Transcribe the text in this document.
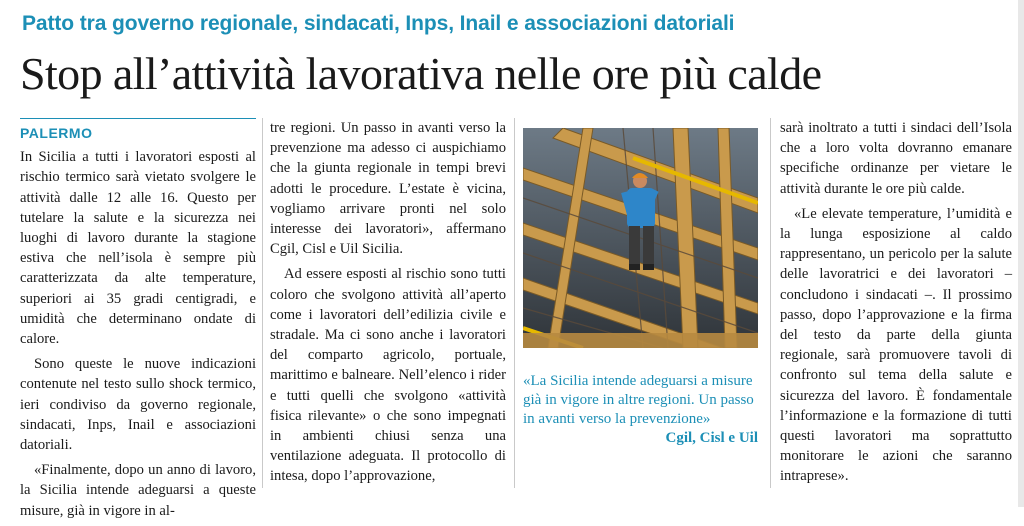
Patto tra governo regionale, sindacati, Inps, Inail e associazioni datoriali
Stop all’attività lavorativa nelle ore più calde
PALERMO

In Sicilia a tutti i lavoratori esposti al rischio termico sarà vietato svolgere le attività dalle 12 alle 16. Questo per tutelare la salute e la sicurezza nei luoghi di lavoro durante la stagione estiva che nell’isola è sempre più caratterizzata da alte temperature, superiori ai 35 gradi centigradi, e umidità che determinano ondate di calore.

Sono queste le nuove indicazioni contenute nel testo sullo shock termico, ieri condiviso da governo regionale, sindacati, Inps, Inail e associazioni datoriali.

«Finalmente, dopo un anno di lavoro, la Sicilia intende adeguarsi a queste misure, già in vigore in al-

tre regioni. Un passo in avanti verso la prevenzione ma adesso ci auspichiamo che la giunta regionale in tempi brevi adotti le procedure. L’estate è vicina, vogliamo arrivare pronti nel solo interesse dei lavoratori», affermano Cgil, Cisl e Uil Sicilia.

Ad essere esposti al rischio sono tutti coloro che svolgono attività all’aperto come i lavoratori dell’edilizia civile e stradale. Ma ci sono anche i lavoratori del comparto agricolo, portuale, marittimo e balneare. Nell’elenco i rider e tutti quelli che svolgono «attività fisica rilevante» o che sono impegnati in ambienti chiusi senza una ventilazione adeguata. Il protocollo di intesa, dopo l’approvazione,

«La Sicilia intende adeguarsi a misure già in vigore in altre regioni. Un passo in avanti verso la prevenzione»
Cgil, Cisl e Uil

sarà inoltrato a tutti i sindaci dell’Isola che a loro volta dovranno emanare specifiche ordinanze per vietare le attività durante le ore più calde.

«Le elevate temperature, l’umidità e la lunga esposizione al caldo rappresentano, un pericolo per la salute delle lavoratrici e dei lavoratori – concludono i sindacati –. Il prossimo passo, dopo l’approvazione e la firma del testo da parte della giunta regionale, sarà promuovere tavoli di confronto sul tema della salute e sicurezza del lavoro. È fondamentale l’informazione e la formazione di tutti questi lavoratori ma soprattutto monitorare le azioni che saranno intraprese».
